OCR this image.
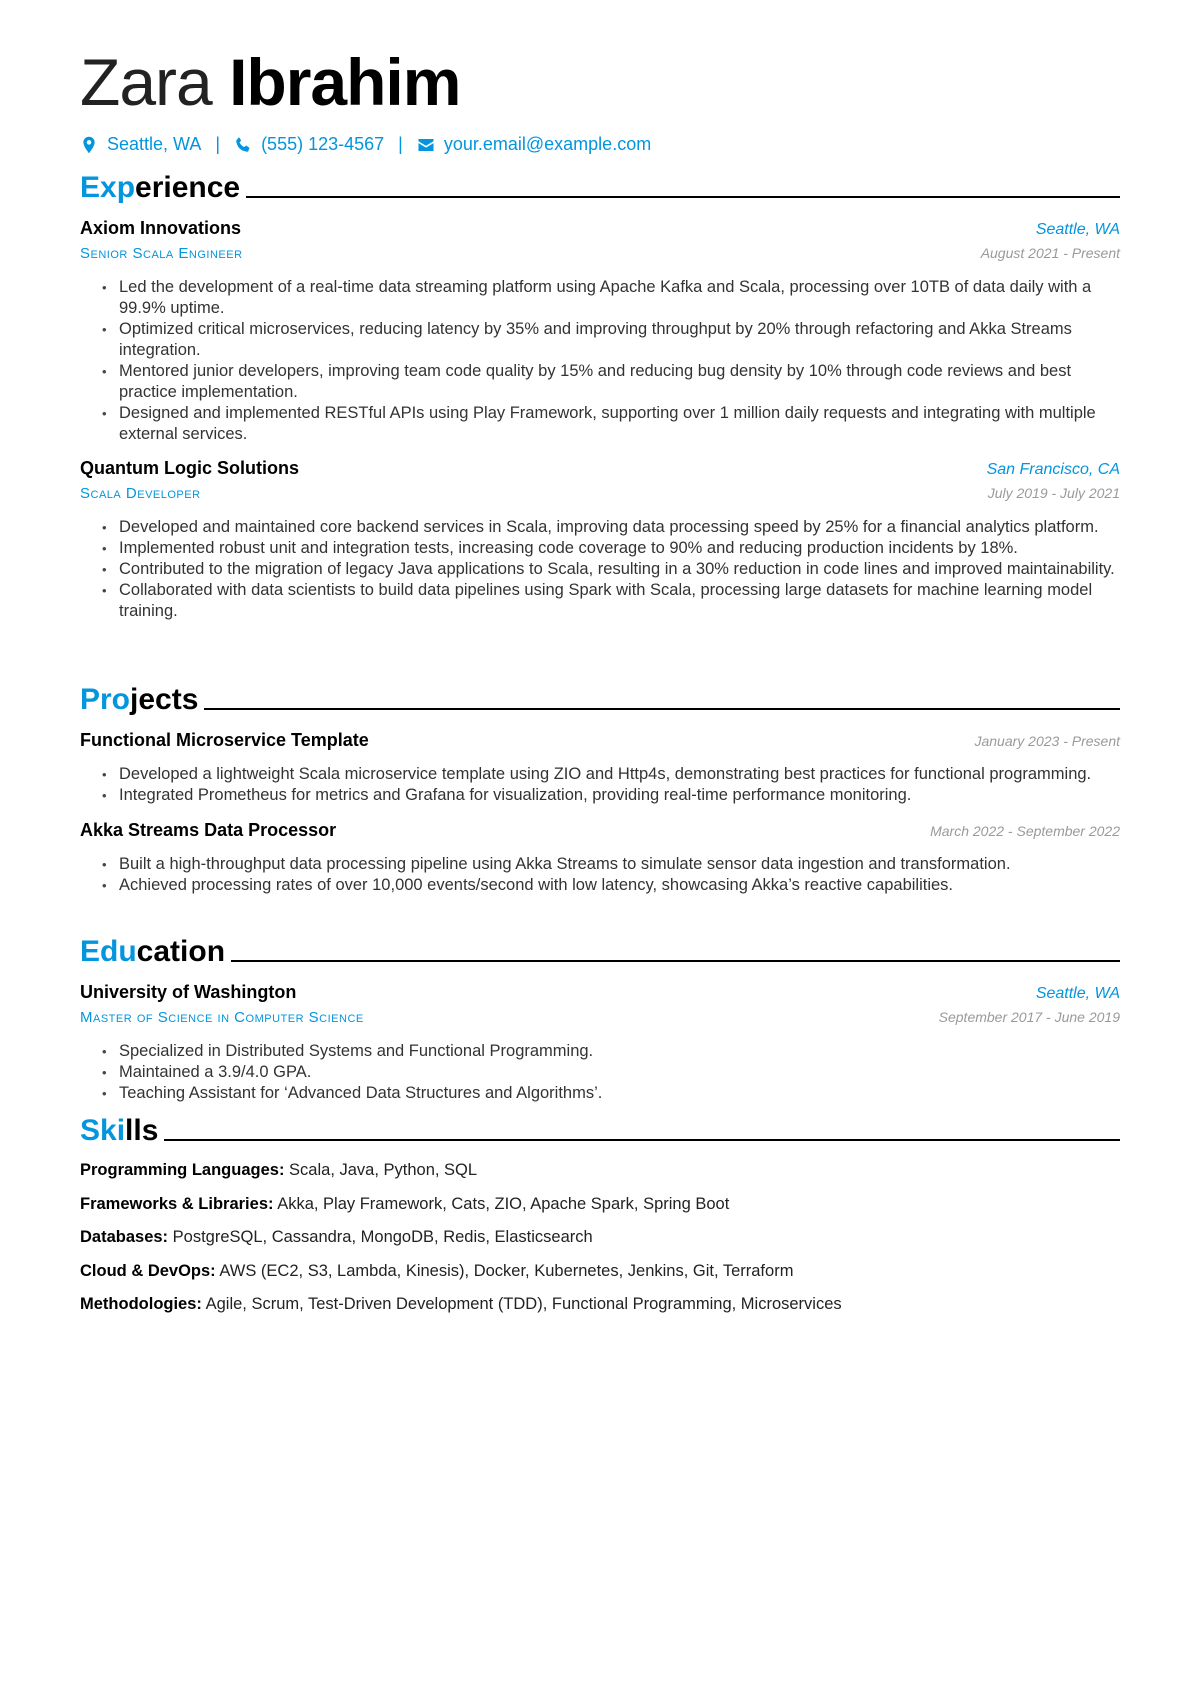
Zara Ibrahim
Seattle, WA | (555) 123-4567 | your.email@example.com
Experience
Axiom Innovations	Seattle, WA
Senior Scala Engineer	August 2021 - Present
• Led the development of a real-time data streaming platform using Apache Kafka and Scala, processing over 10TB of data daily with a 99.9% uptime.
• Optimized critical microservices, reducing latency by 35% and improving throughput by 20% through refactoring and Akka Streams integration.
• Mentored junior developers, improving team code quality by 15% and reducing bug density by 10% through code reviews and best practice implementation.
• Designed and implemented RESTful APIs using Play Framework, supporting over 1 million daily requests and integrating with multiple external services.
Quantum Logic Solutions	San Francisco, CA
Scala Developer	July 2019 - July 2021
• Developed and maintained core backend services in Scala, improving data processing speed by 25% for a financial analytics platform.
• Implemented robust unit and integration tests, increasing code coverage to 90% and reducing production incidents by 18%.
• Contributed to the migration of legacy Java applications to Scala, resulting in a 30% reduction in code lines and improved maintainability.
• Collaborated with data scientists to build data pipelines using Spark with Scala, processing large datasets for machine learning model training.
Projects
Functional Microservice Template	January 2023 - Present
• Developed a lightweight Scala microservice template using ZIO and Http4s, demonstrating best practices for functional programming.
• Integrated Prometheus for metrics and Grafana for visualization, providing real-time performance monitoring.
Akka Streams Data Processor	March 2022 - September 2022
• Built a high-throughput data processing pipeline using Akka Streams to simulate sensor data ingestion and transformation.
• Achieved processing rates of over 10,000 events/second with low latency, showcasing Akka’s reactive capabilities.
Education
University of Washington	Seattle, WA
Master of Science in Computer Science	September 2017 - June 2019
• Specialized in Distributed Systems and Functional Programming.
• Maintained a 3.9/4.0 GPA.
• Teaching Assistant for ‘Advanced Data Structures and Algorithms’.
Skills
Programming Languages: Scala, Java, Python, SQL
Frameworks & Libraries: Akka, Play Framework, Cats, ZIO, Apache Spark, Spring Boot
Databases: PostgreSQL, Cassandra, MongoDB, Redis, Elasticsearch
Cloud & DevOps: AWS (EC2, S3, Lambda, Kinesis), Docker, Kubernetes, Jenkins, Git, Terraform
Methodologies: Agile, Scrum, Test-Driven Development (TDD), Functional Programming, Microservices
